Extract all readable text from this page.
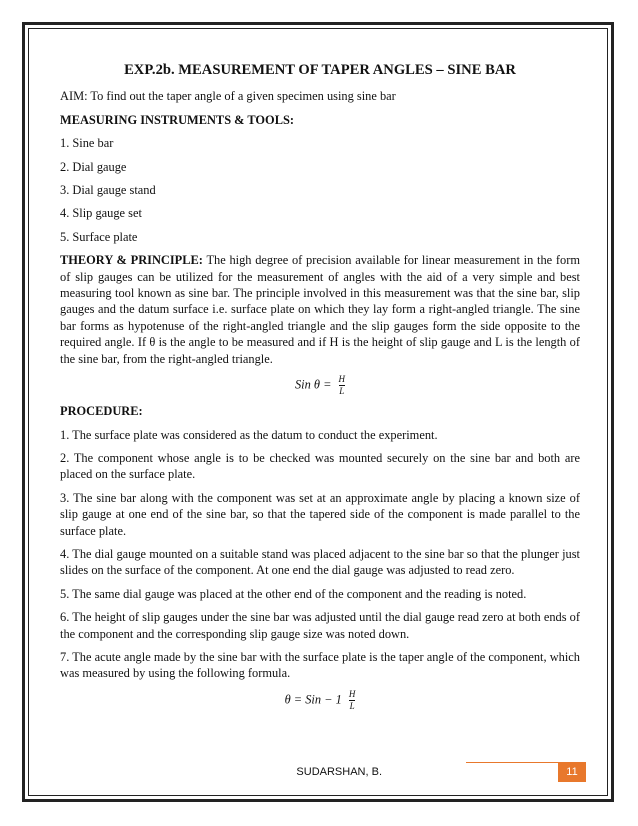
EXP.2b. MEASUREMENT OF TAPER ANGLES – SINE BAR

AIM: To find out the taper angle of a given specimen using sine bar

MEASURING INSTRUMENTS & TOOLS:

1. Sine bar

2. Dial gauge

3. Dial gauge stand

4. Slip gauge set

5. Surface plate

THEORY & PRINCIPLE: The high degree of precision available for linear measurement in the form of slip gauges can be utilized for the measurement of angles with the aid of a very simple and best measuring tool known as sine bar. The principle involved in this measurement was that the sine bar, slip gauges and the datum surface i.e. surface plate on which they lay form a right-angled triangle. The sine bar forms as hypotenuse of the right-angled triangle and the slip gauges form the side opposite to the required angle. If θ is the angle to be measured and if H is the height of slip gauge and L is the length of the sine bar, from the right-angled triangle.

Sin $\theta = \frac{H}{L}$

PROCEDURE:

1. The surface plate was considered as the datum to conduct the experiment.

2. The component whose angle is to be checked was mounted securely on the sine bar and both are placed on the surface plate.

3. The sine bar along with the component was set at an approximate angle by placing a known size of slip gauge at one end of the sine bar, so that the tapered side of the component is made parallel to the surface plate.

4. The dial gauge mounted on a suitable stand was placed adjacent to the sine bar so that the plunger just slides on the surface of the component. At one end the dial gauge was adjusted to read zero.

5. The same dial gauge was placed at the other end of the component and the reading is noted.

6. The height of slip gauges under the sine bar was adjusted until the dial gauge read zero at both ends of the component and the corresponding slip gauge size was noted down.

7. The acute angle made by the sine bar with the surface plate is the taper angle of the component, which was measured by using the following formula.

θ = Sin − $1 \frac{H}{L}$
SUDARSHAN, B.	11
